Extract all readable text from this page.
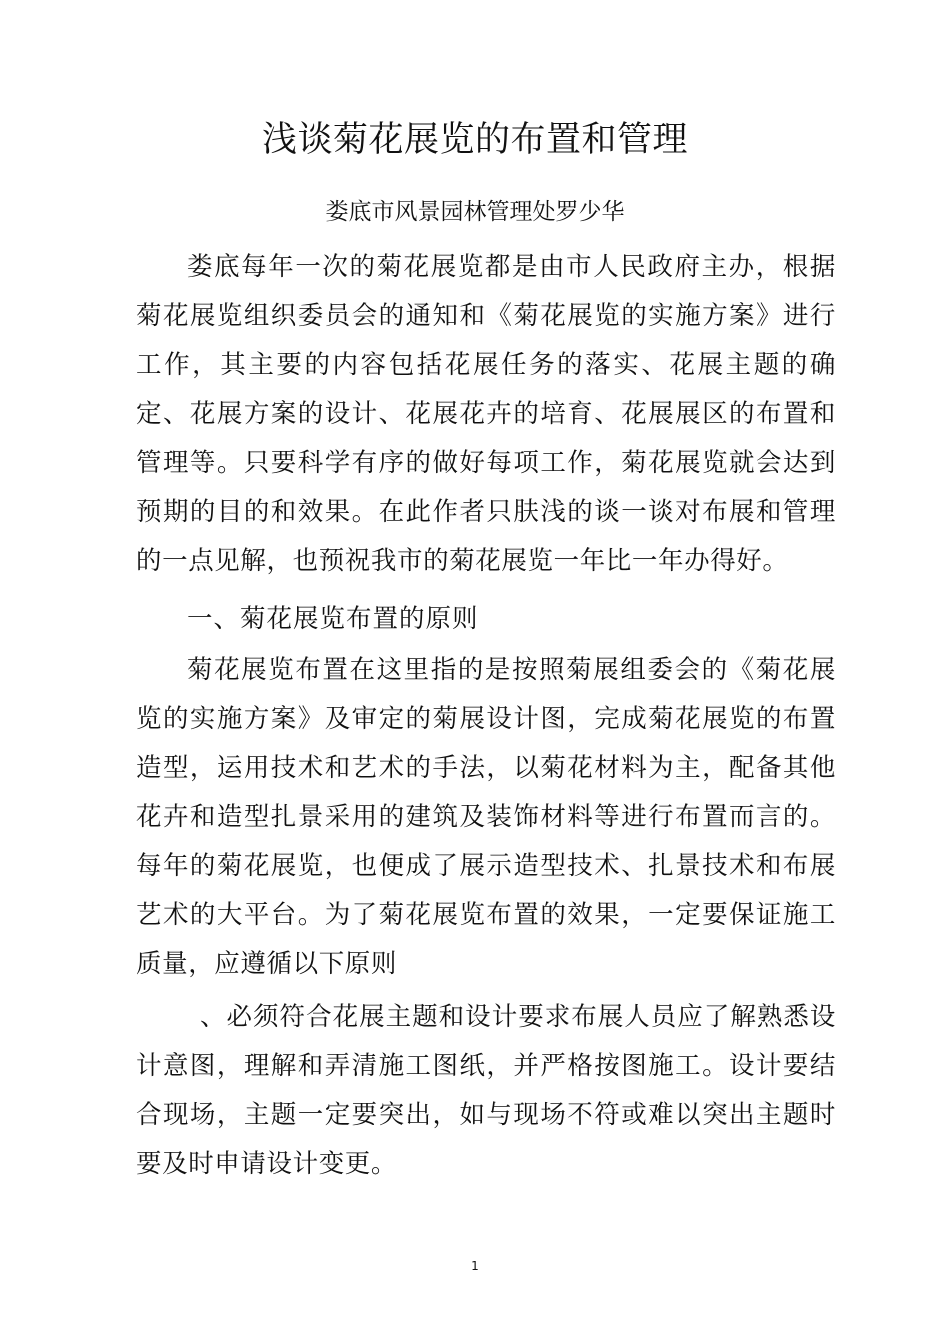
浅谈菊花展览的布置和管理
娄底市风景园林管理处罗少华
娄底每年一次的菊花展览都是由市人民政府主办，根据菊花展览组织委员会的通知和《菊花展览的实施方案》进行工作，其主要的内容包括花展任务的落实、花展主题的确定、花展方案的设计、花展花卉的培育、花展展区的布置和管理等。只要科学有序的做好每项工作，菊花展览就会达到预期的目的和效果。在此作者只肤浅的谈一谈对布展和管理的一点见解，也预祝我市的菊花展览一年比一年办得好。
一、菊花展览布置的原则
菊花展览布置在这里指的是按照菊展组委会的《菊花展览的实施方案》及审定的菊展设计图，完成菊花展览的布置造型，运用技术和艺术的手法，以菊花材料为主，配备其他花卉和造型扎景采用的建筑及装饰材料等进行布置而言的。每年的菊花展览，也便成了展示造型技术、扎景技术和布展艺术的大平台。为了菊花展览布置的效果，一定要保证施工质量，应遵循以下原则
、必须符合花展主题和设计要求布展人员应了解熟悉设计意图，理解和弄清施工图纸，并严格按图施工。设计要结合现场，主题一定要突出，如与现场不符或难以突出主题时要及时申请设计变更。
1
